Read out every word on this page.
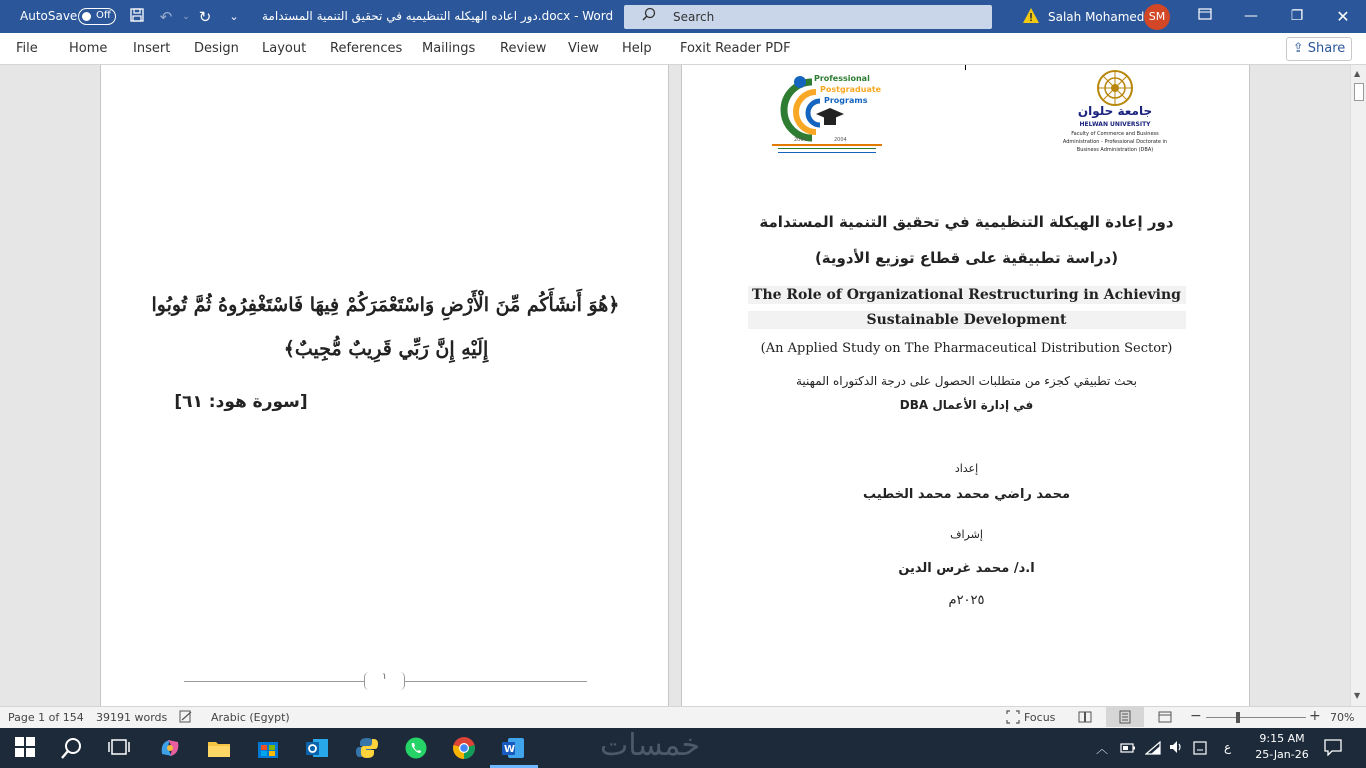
AutoSave Off	↶	⌄ ↻	⌄	دور اعاده الهيكله التنظيميه في تحقيق التنمية المستدامة.docx - Word	Search	Salah Mohamed SM	—	❐	✕
File Home Insert Design Layout References Mailings Review View Help Foxit Reader PDF	⇪ Share
﴿هُوَ أَنشَأَكُم مِّنَ الْأَرْضِ وَاسْتَعْمَرَكُمْ فِيهَا فَاسْتَغْفِرُوهُ ثُمَّ تُوبُوا
إِلَيْهِ إِنَّ رَبِّي قَرِيبٌ مُّجِيبٌ﴾
[سورة هود: ٦١]
١
2004	2004
Professional
Postgraduate
Programs
جامعة حلوان
HELWAN UNIVERSITY
Faculty of Commerce and Business
Administration - Professional Doctorate in
Business Administration (DBA)
دور إعادة الهيكلة التنظيمية في تحقيق التنمية المستدامة
(دراسة تطبيقية على قطاع توزيع الأدوية)
The Role of Organizational Restructuring in Achieving
Sustainable Development
(An Applied Study on The Pharmaceutical Distribution Sector)
بحث تطبيقي كجزء من متطلبات الحصول على درجة الدكتوراه المهنية
في إدارة الأعمال DBA
إعداد
محمد راضي محمد محمد الخطيب
إشراف
ا.د/ محمد غرس الدين
٢٠٢٥م
▲
▼
Page 1 of 154 39191 words	Arabic (Egypt)	Focus	−	+ 70%
W	خمسات	︿	ع
9:15 AM
25-Jan-26
